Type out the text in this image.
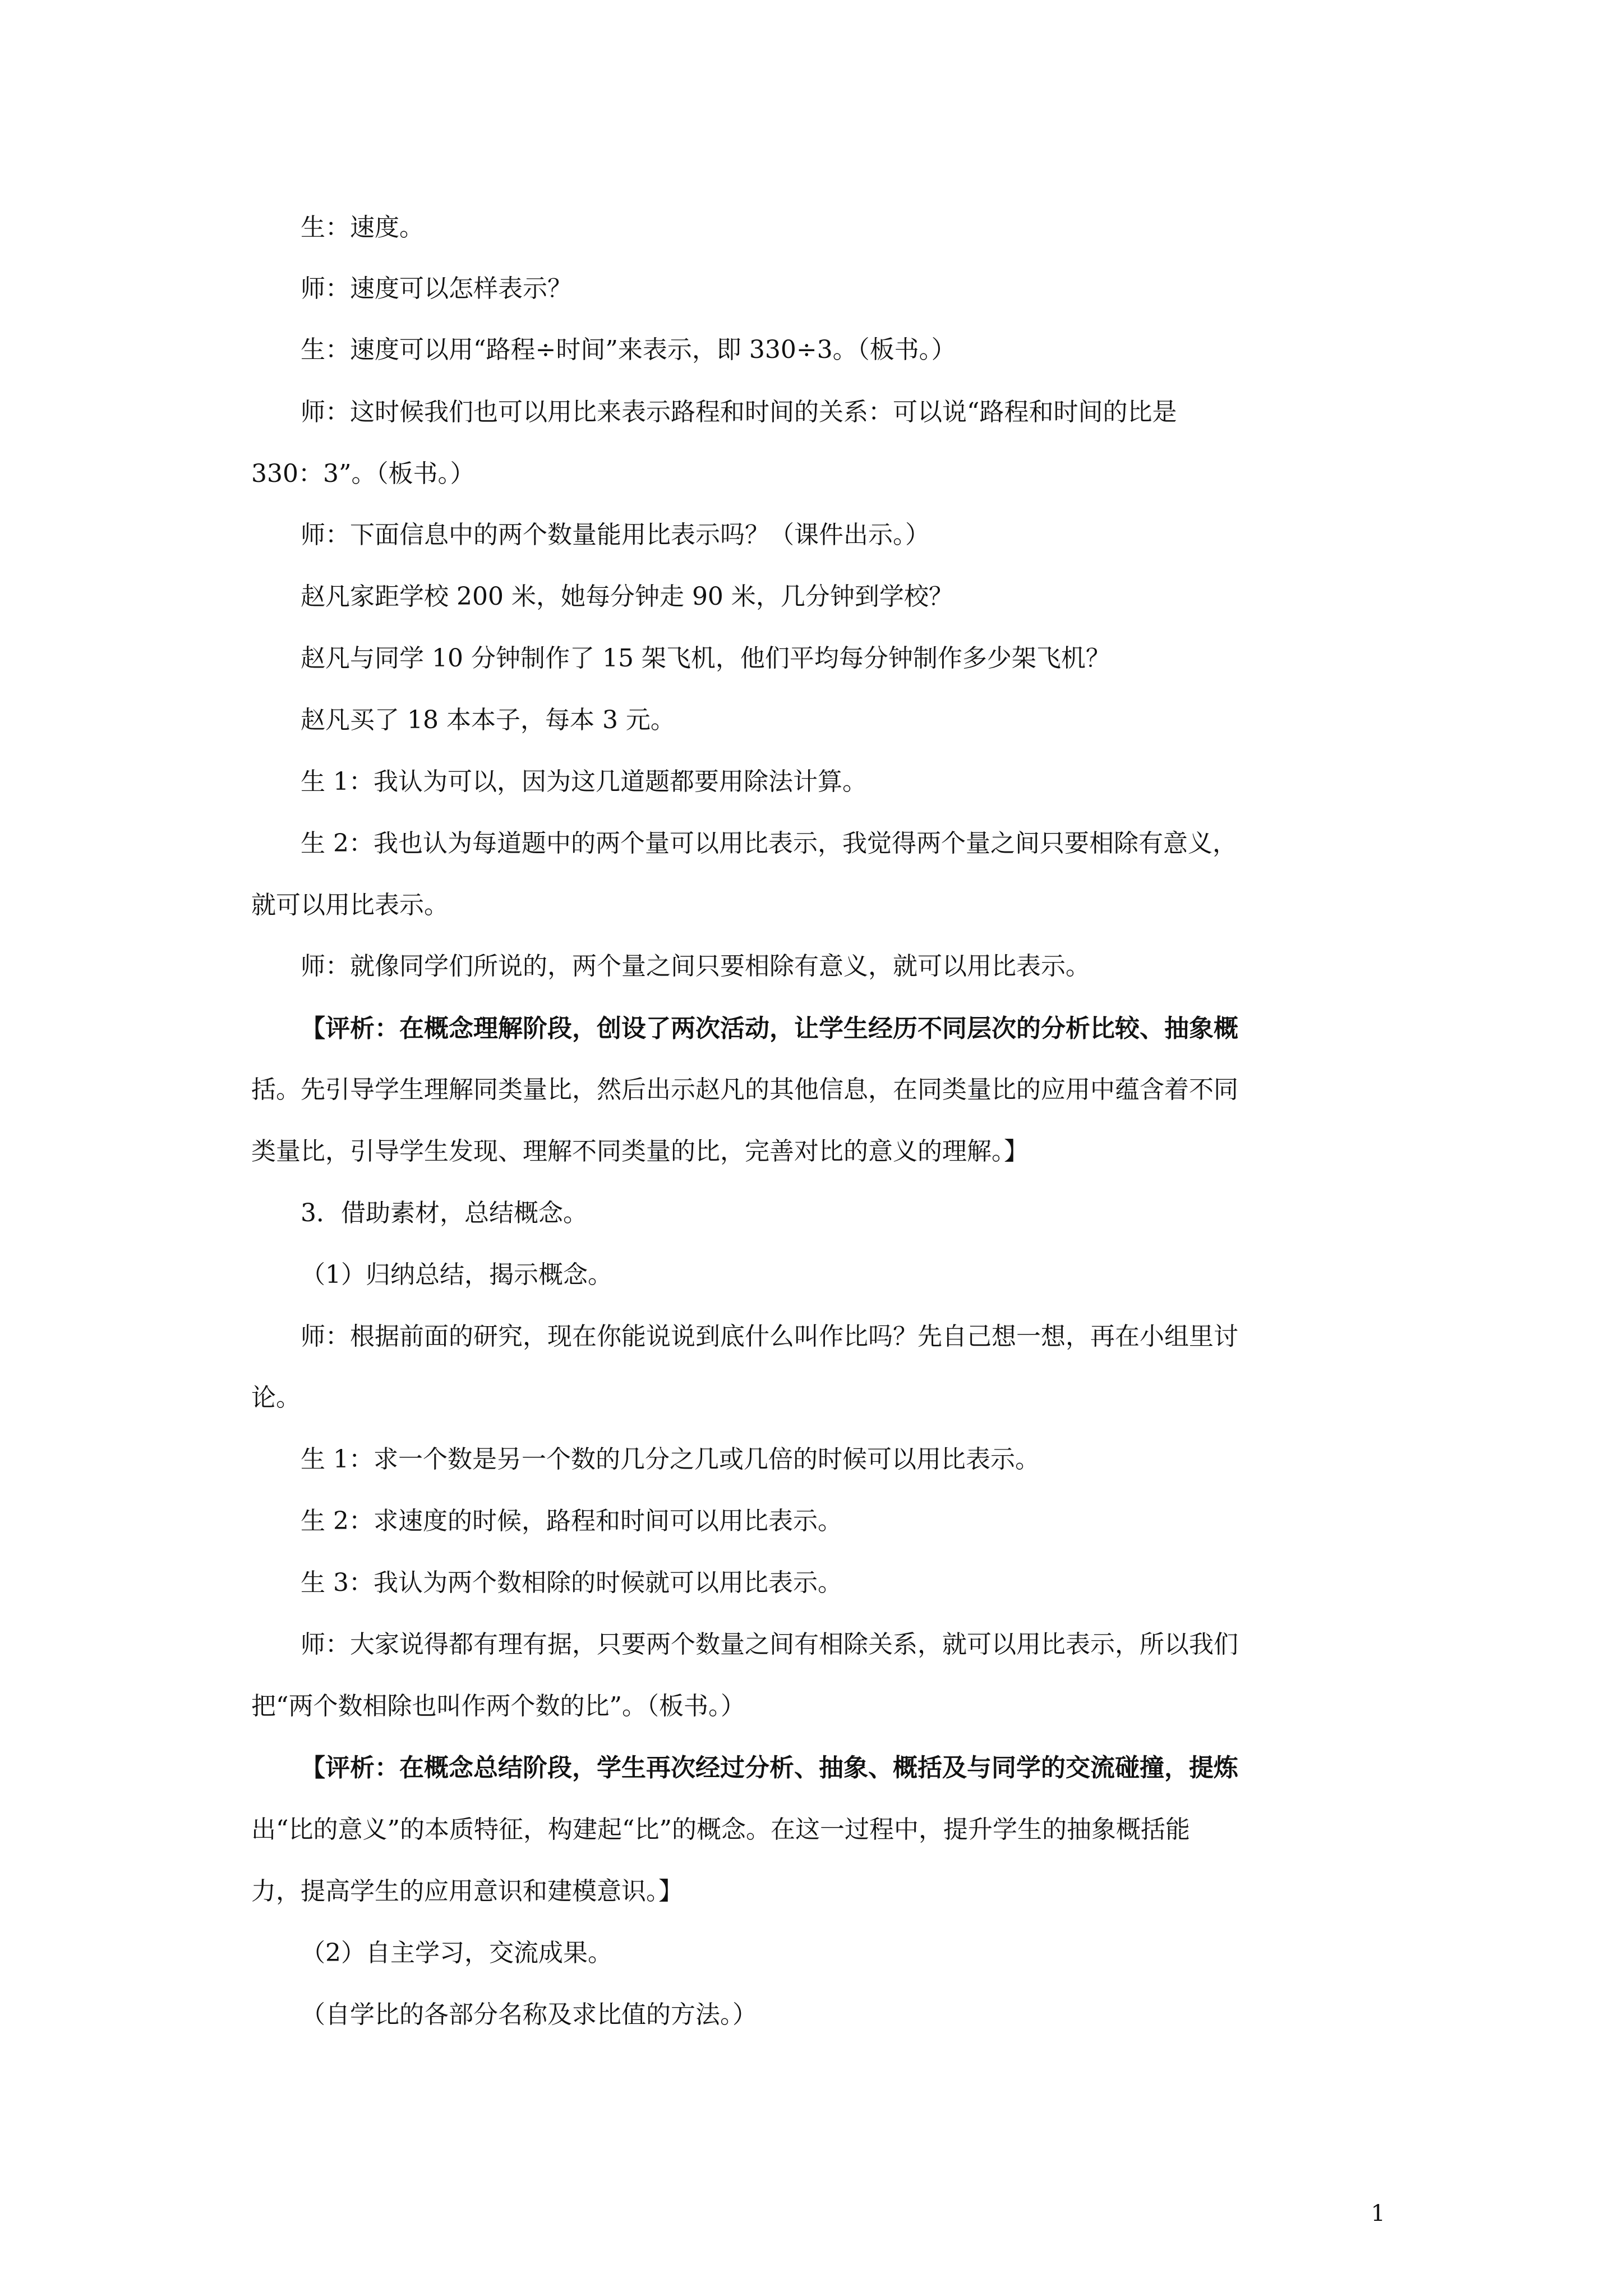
生：速度。
师：速度可以怎样表示？
生：速度可以用“路程÷时间”来表示，即 330÷3。（板书。）
师：这时候我们也可以用比来表示路程和时间的关系：可以说“路程和时间的比是
330：3”。（板书。）
师：下面信息中的两个数量能用比表示吗？（课件出示。）
赵凡家距学校 200 米，她每分钟走 90 米，几分钟到学校？
赵凡与同学 10 分钟制作了 15 架飞机，他们平均每分钟制作多少架飞机？
赵凡买了 18 本本子，每本 3 元。
生 1：我认为可以，因为这几道题都要用除法计算。
生 2：我也认为每道题中的两个量可以用比表示，我觉得两个量之间只要相除有意义，
就可以用比表示。
师：就像同学们所说的，两个量之间只要相除有意义，就可以用比表示。
【评析：在概念理解阶段，创设了两次活动，让学生经历不同层次的分析比较、抽象概
括。先引导学生理解同类量比，然后出示赵凡的其他信息，在同类量比的应用中蕴含着不同
类量比，引导学生发现、理解不同类量的比，完善对比的意义的理解。】
3．借助素材，总结概念。
（1）归纳总结，揭示概念。
师：根据前面的研究，现在你能说说到底什么叫作比吗？先自己想一想，再在小组里讨
论。
生 1：求一个数是另一个数的几分之几或几倍的时候可以用比表示。
生 2：求速度的时候，路程和时间可以用比表示。
生 3：我认为两个数相除的时候就可以用比表示。
师：大家说得都有理有据，只要两个数量之间有相除关系，就可以用比表示，所以我们
把“两个数相除也叫作两个数的比”。（板书。）
【评析：在概念总结阶段，学生再次经过分析、抽象、概括及与同学的交流碰撞，提炼
出“比的意义”的本质特征，构建起“比”的概念。在这一过程中，提升学生的抽象概括能
力，提高学生的应用意识和建模意识。】
（2）自主学习，交流成果。
（自学比的各部分名称及求比值的方法。）
1
